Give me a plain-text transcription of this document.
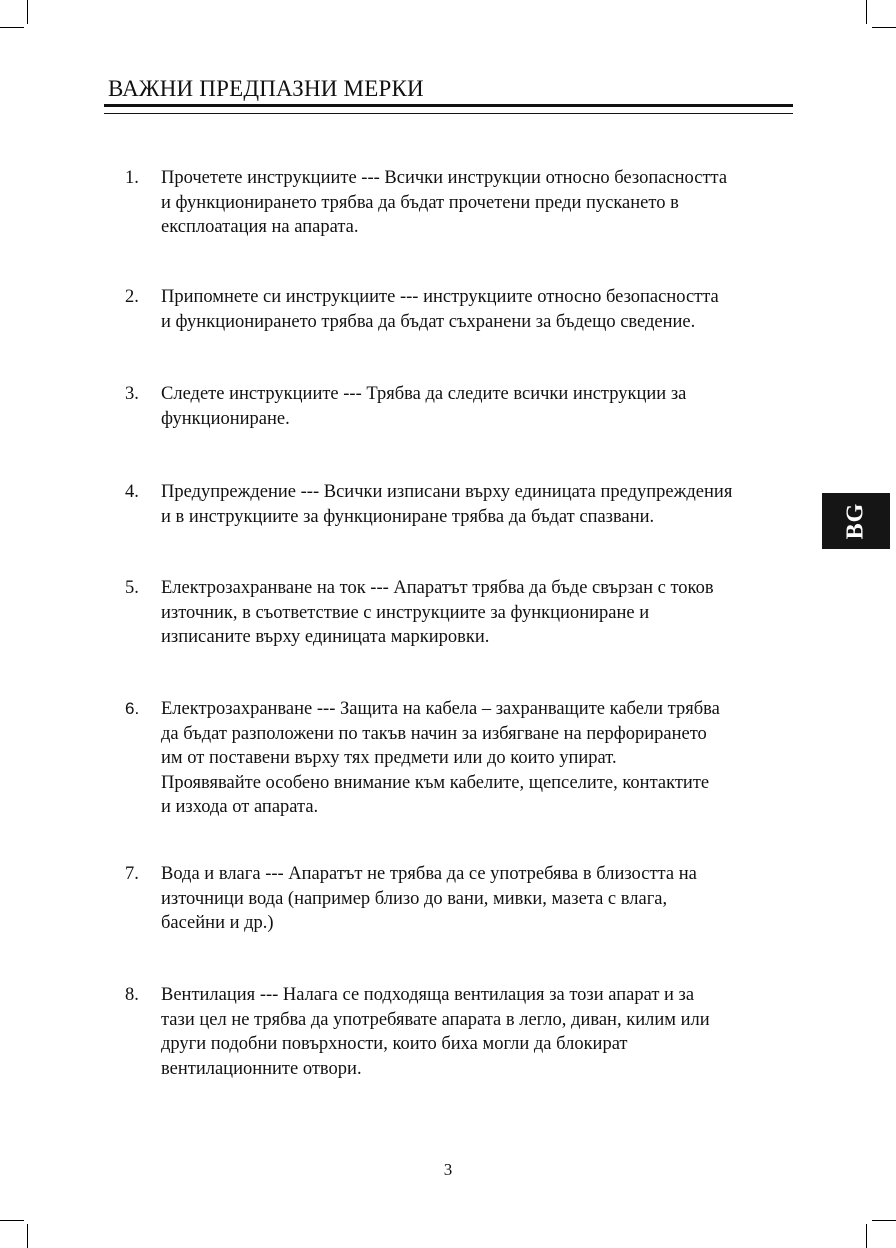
ВАЖНИ ПРЕДПАЗНИ МЕРКИ
1.	Прочетете инструкциите --- Всички инструкции относно безопасността
и функционирането трябва да бъдат прочетени преди пускането в
експлоатация на апарата.
2.	Припомнете си инструкциите --- инструкциите относно безопасността
и функционирането трябва да бъдат съхранени за бъдещо сведение.
3.	Следете инструкциите --- Трябва да следите всички инструкции за
функциониране.
4.	Предупреждение --- Всички изписани върху единицата предупреждения
и в инструкциите за функциониране трябва да бъдат спазвани.
5.	Електрозахранване на ток --- Апаратът трябва да бъде свързан с токов
източник, в съответствие с инструкциите за функциониране и
изписаните върху единицата маркировки.
6.	Електрозахранване --- Защита на кабела – захранващите кабели трябва
да бъдат разположени по такъв начин за избягване на перфорирането
им от поставени върху тях предмети или до които упират.
Проявявайте особено внимание към кабелите, щепселите, контактите
и изхода от апарата.
7.	Вода и влага --- Апаратът не трябва да се употребява в близостта на
източници вода (например близо до вани, мивки, мазета с влага,
басейни и др.)
8.	Вентилация --- Налага се подходяща вентилация за този апарат и за
тази цел не трябва да употребявате апарата в легло, диван, килим или
други подобни повърхности, които биха могли да блокират
вентилационните отвори.
BG
3
